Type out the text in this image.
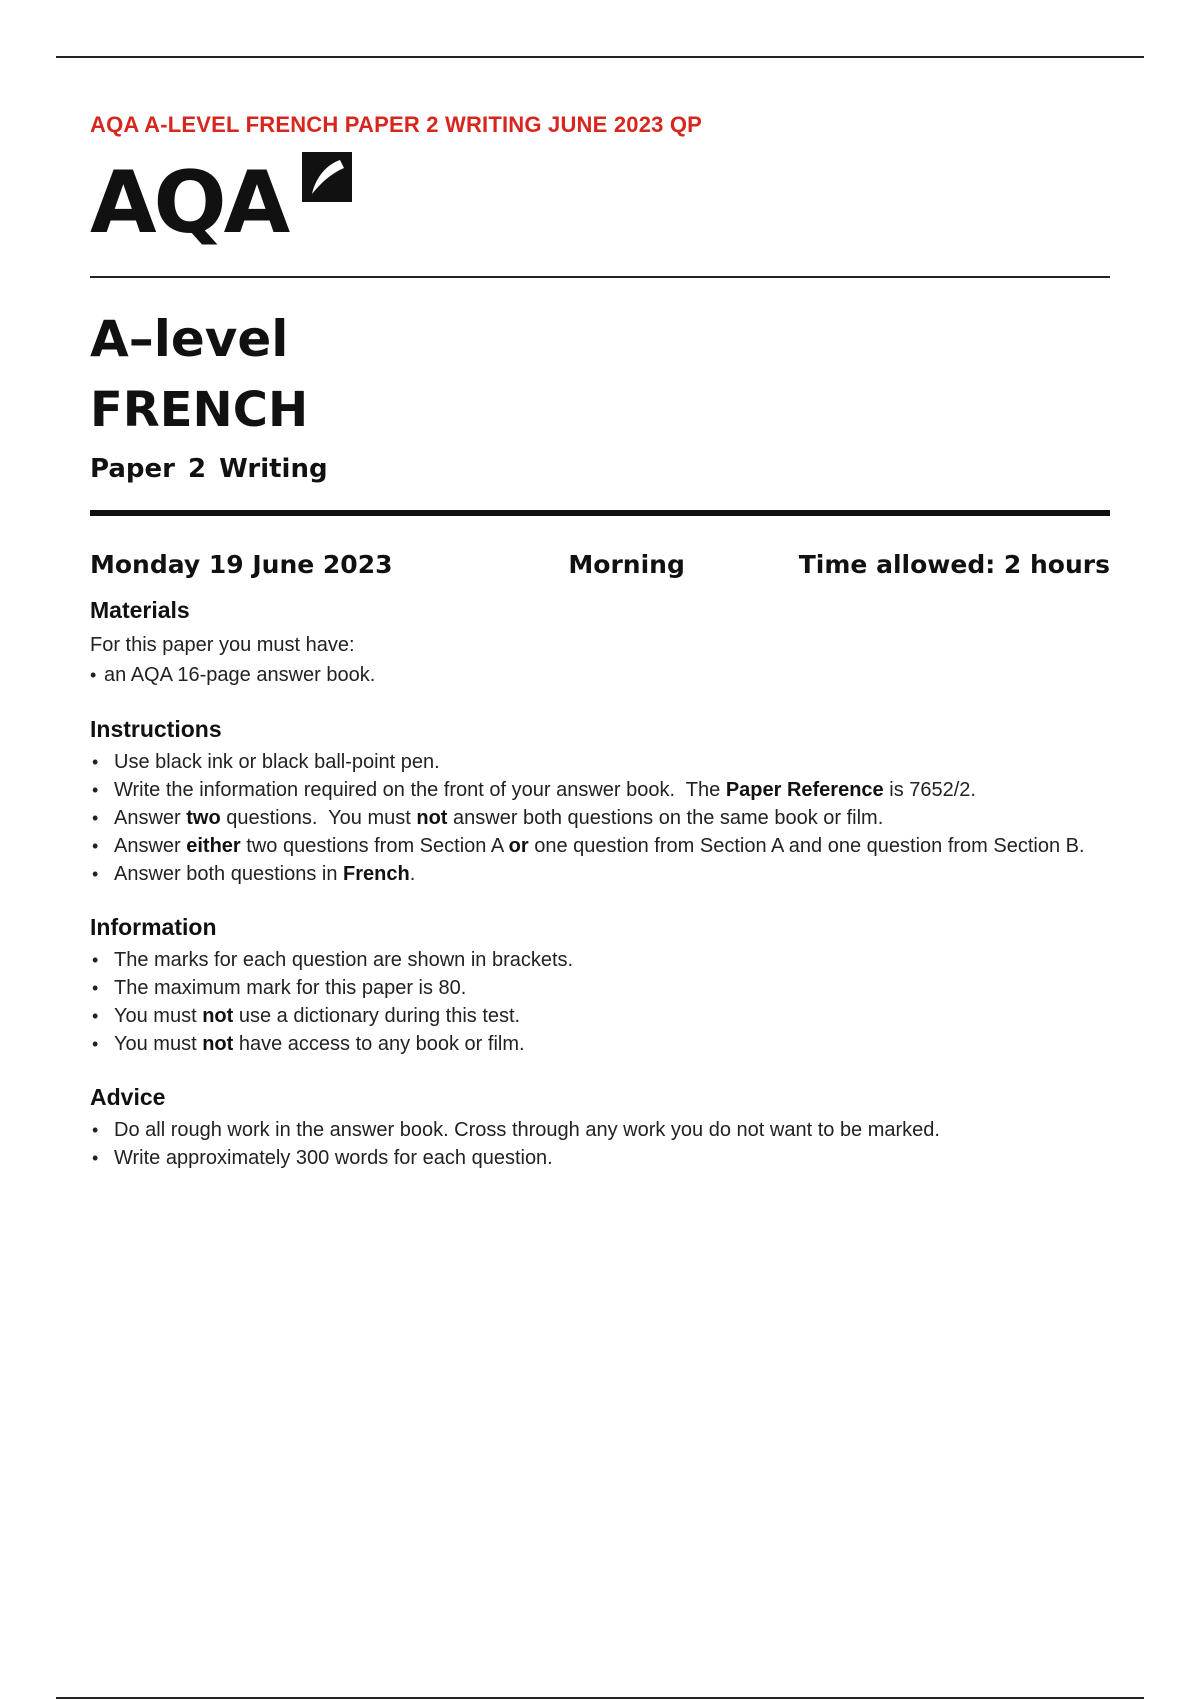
AQA A-LEVEL FRENCH PAPER 2 WRITING JUNE 2023 QP

AQA
A–level
FRENCH
Paper 2 Writing
Monday 19 June 2023	Morning	Time allowed: 2 hours
Materials

For this paper you must have:

• an AQA 16-page answer book.
Instructions
• Use black ink or black ball-point pen.
• Write the information required on the front of your answer book.  The Paper Reference is 7652/2.
• Answer two questions.  You must not answer both questions on the same book or film.
• Answer either two questions from Section A or one question from Section A and one question from Section B.
• Answer both questions in French.
Information
• The marks for each question are shown in brackets.
• The maximum mark for this paper is 80.
• You must not use a dictionary during this test.
• You must not have access to any book or film.
Advice
• Do all rough work in the answer book. Cross through any work you do not want to be marked.
• Write approximately 300 words for each question.
